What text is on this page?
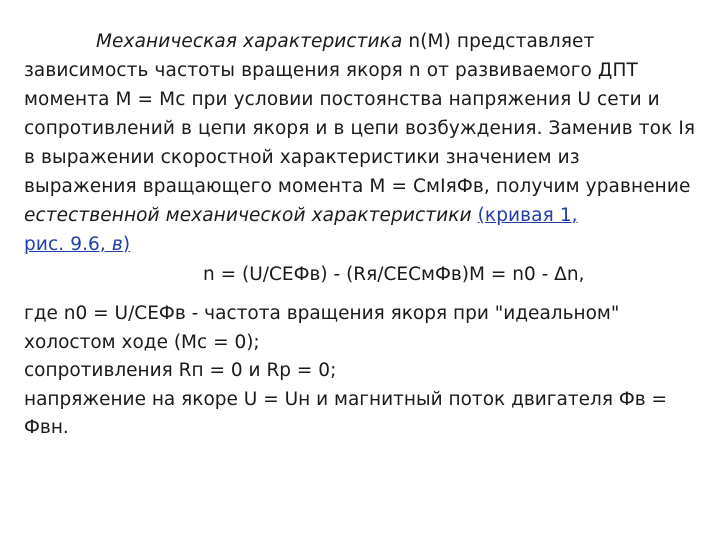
Механическая характеристика n(M) представляет
зависимость частоты вращения якоря n от развиваемого ДПТ
момента М = Мс при условии постоянства напряжения U сети и
сопротивлений в цепи якоря и в цепи возбуждения. Заменив ток Iя
в выражении скоростной характеристики значением из
выражения вращающего момента М = СмIяФв, получим уравнение
естественной механической характеристики (кривая 1,
рис. 9.6, в)

n = (U/СЕФв) - (Rя/СЕСмФв)М = n0 - Δn,

где n0 = U/СЕФв - частота вращения якоря при "идеальном"
холостом ходе (Мс = 0);
сопротивления Rп = 0 и Rр = 0;
напряжение на якоре U = Uн и магнитный поток двигателя Фв =
Фвн.
